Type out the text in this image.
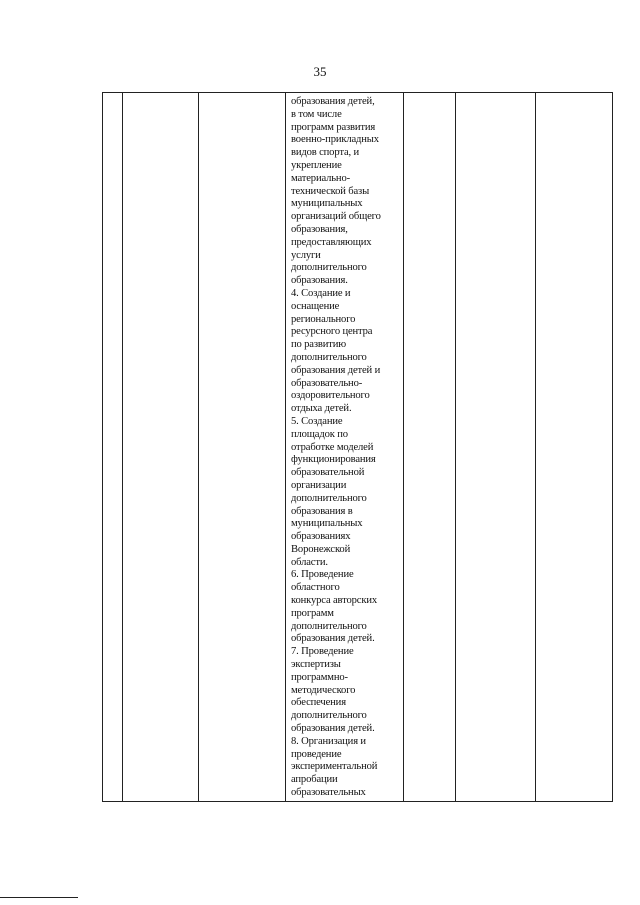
35

образования детей,
в том числе
программ развития
военно-прикладных
видов спорта, и
укрепление
материально-
технической базы
муниципальных
организаций общего
образования,
предоставляющих
услуги
дополнительного
образования.
4. Создание и
оснащение
регионального
ресурсного центра
по развитию
дополнительного
образования детей и
образовательно-
оздоровительного
отдыха детей.
5. Создание
площадок по
отработке моделей
функционирования
образовательной
организации
дополнительного
образования в
муниципальных
образованиях
Воронежской
области.
6. Проведение
областного
конкурса авторских
программ
дополнительного
образования детей.
7. Проведение
экспертизы
программно-
методического
обеспечения
дополнительного
образования детей.
8. Организация и
проведение
экспериментальной
апробации
образовательных
